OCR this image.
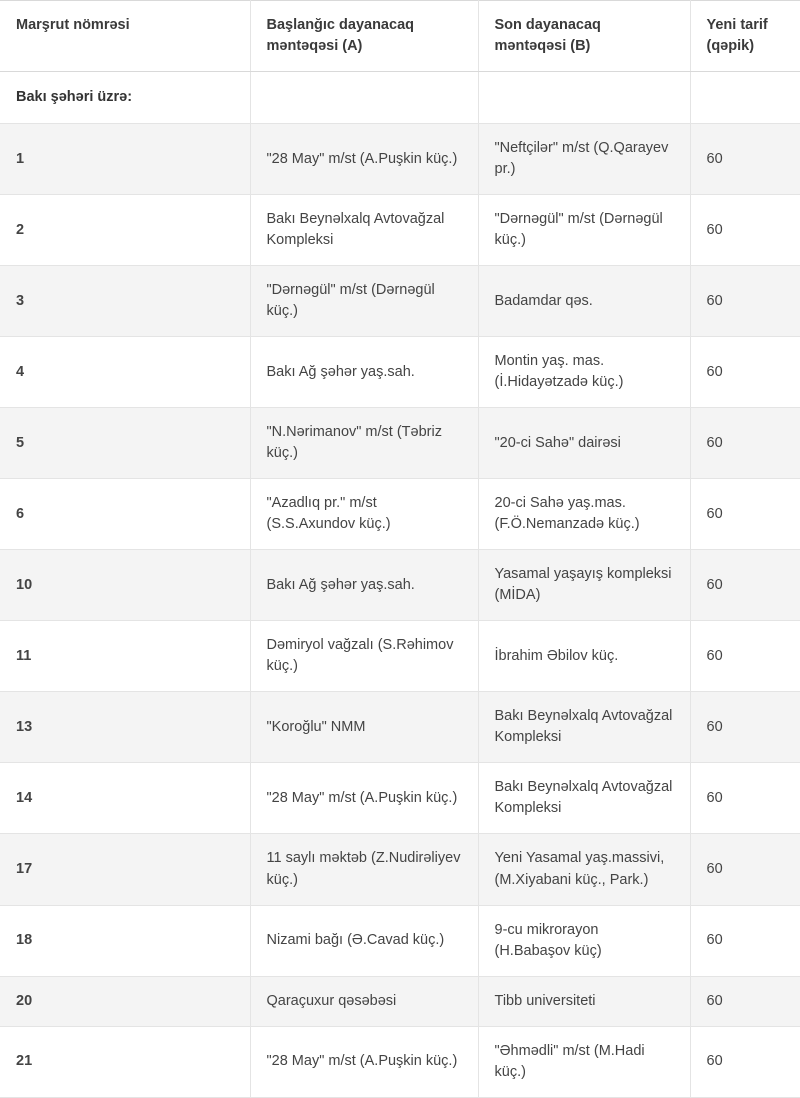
Marşrut nömrəsi	Başlanğıc dayanacaq məntəqəsi (A)	Son dayanacaq məntəqəsi (B)	Yeni tarif (qəpik)
Bakı şəhəri üzrə:			
1	"28 May" m/st (A.Puşkin küç.)	"Neftçilər" m/st (Q.Qarayev pr.)	60
2	Bakı Beynəlxalq Avtovağzal Kompleksi	"Dərnəgül" m/st (Dərnəgül küç.)	60
3	"Dərnəgül" m/st (Dərnəgül küç.)	Badamdar qəs.	60
4	Bakı Ağ şəhər yaş.sah.	Montin yaş. mas. (İ.Hidayətzadə küç.)	60
5	"N.Nərimanov" m/st (Təbriz küç.)	"20-ci Sahə" dairəsi	60
6	"Azadlıq pr." m/st (S.S.Axundov küç.)	20-ci Sahə yaş.mas. (F.Ö.Nemanzadə küç.)	60
10	Bakı Ağ şəhər yaş.sah.	Yasamal yaşayış kompleksi (MİDA)	60
11	Dəmiryol vağzalı (S.Rəhimov küç.)	İbrahim Əbilov küç.	60
13	"Koroğlu" NMM	Bakı Beynəlxalq Avtovağzal Kompleksi	60
14	"28 May" m/st (A.Puşkin küç.)	Bakı Beynəlxalq Avtovağzal Kompleksi	60
17	11 saylı məktəb (Z.Nudirəliyev küç.)	Yeni Yasamal yaş.massivi, (M.Xiyabani küç., Park.)	60
18	Nizami bağı (Ə.Cavad küç.)	9-cu mikrorayon (H.Babaşov küç)	60
20	Qaraçuxur qəsəbəsi	Tibb universiteti	60
21	"28 May" m/st (A.Puşkin küç.)	"Əhmədli" m/st (M.Hadi küç.)	60
